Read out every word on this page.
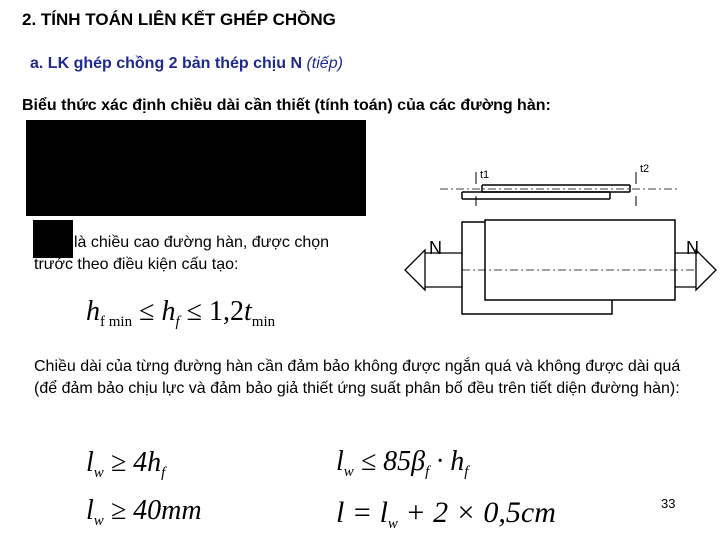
2. TÍNH TOÁN LIÊN KẾT GHÉP CHỒNG
a. LK ghép chồng 2 bản thép chịu N (tiếp)
Biểu thức xác định chiều dài cần thiết (tính toán) của các đường hàn:
là chiều cao đường hàn, được chọn trước theo điều kiện cấu tạo:
$h_{f min} \le h_f \le 1,2t_{min}$
Chiều dài của từng đường hàn cần đảm bảo không được ngắn quá và không được dài quá (để đảm bảo chịu lực và đảm bảo giả thiết ứng suất phân bố đều trên tiết diện đường hàn):
$l_w \ge 4h_f$	$l_w \le 85\beta_f \cdot h_f$
$l_w \ge 40mm$	$l = l_w + 2 \times 0,5cm$
t1	t2
N	N
33
